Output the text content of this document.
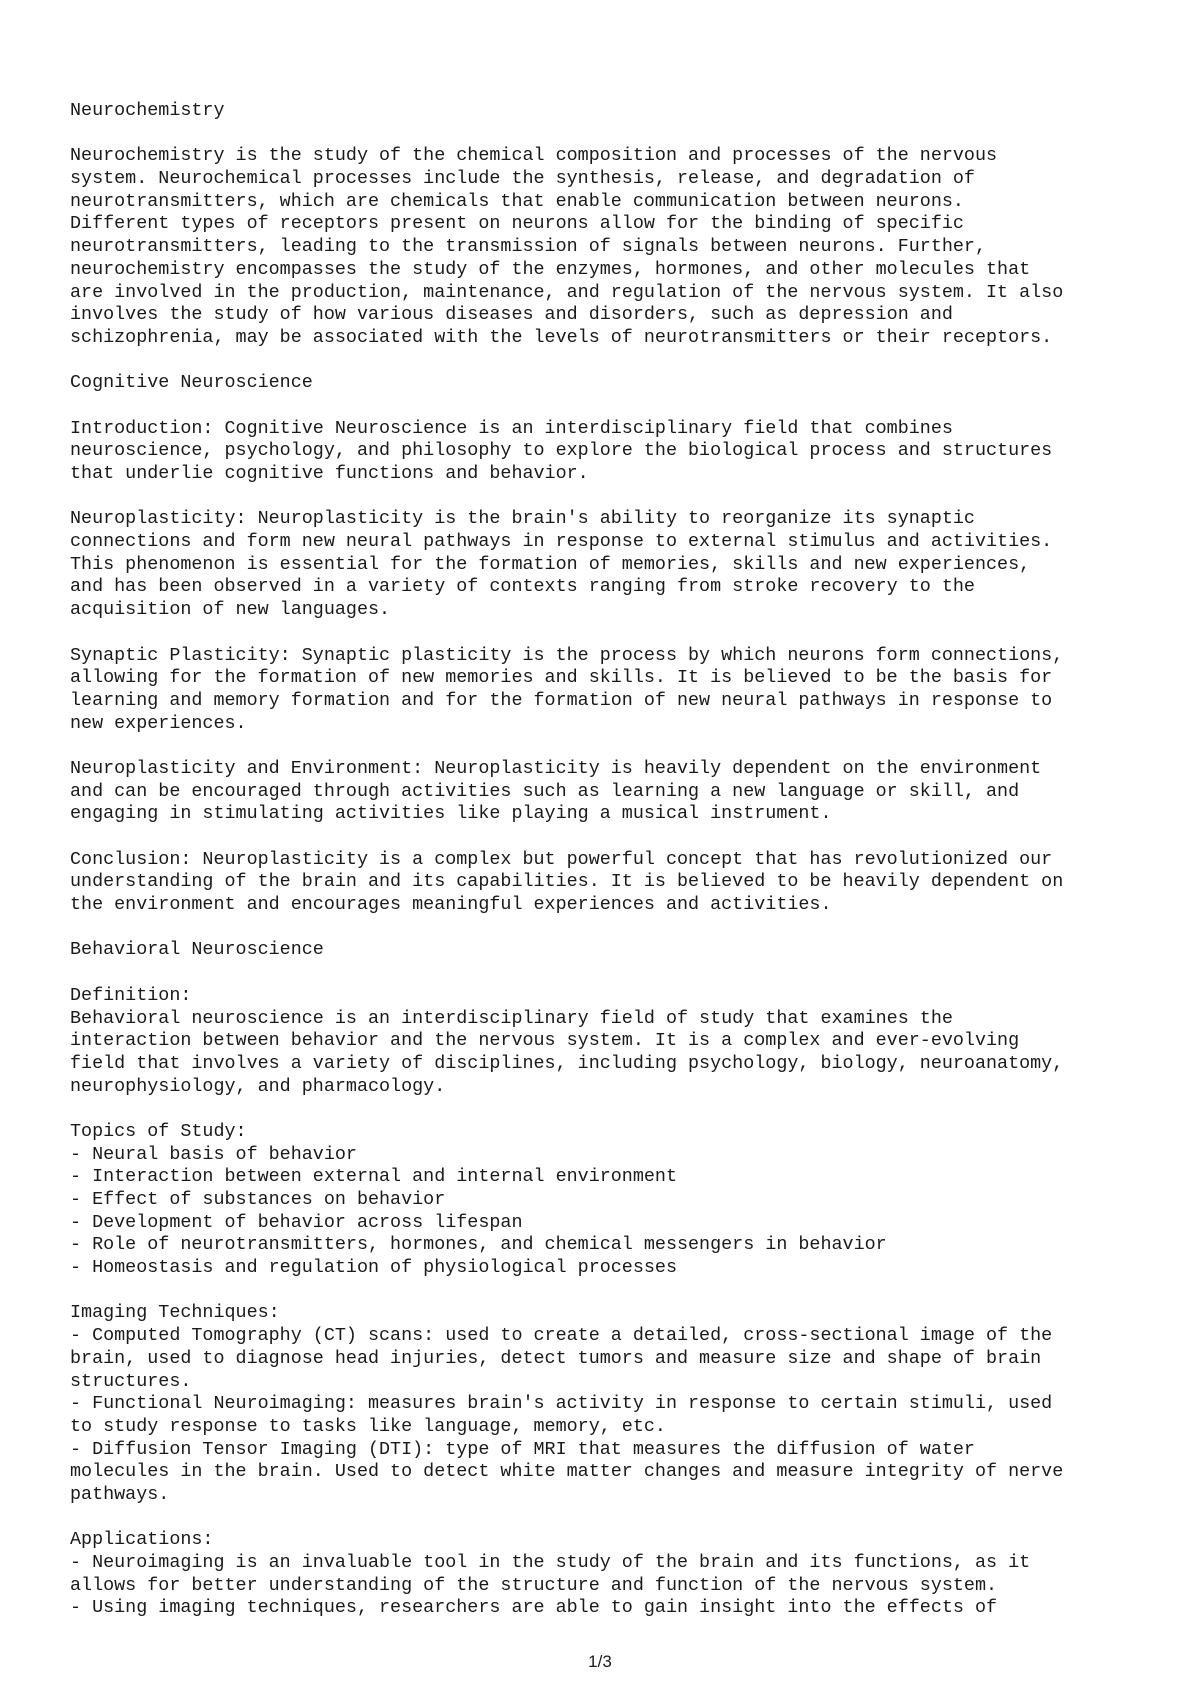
Neurochemistry
Neurochemistry is the study of the chemical composition and processes of the nervous
system. Neurochemical processes include the synthesis, release, and degradation of
neurotransmitters, which are chemicals that enable communication between neurons.
Different types of receptors present on neurons allow for the binding of specific
neurotransmitters, leading to the transmission of signals between neurons. Further,
neurochemistry encompasses the study of the enzymes, hormones, and other molecules that
are involved in the production, maintenance, and regulation of the nervous system. It also
involves the study of how various diseases and disorders, such as depression and
schizophrenia, may be associated with the levels of neurotransmitters or their receptors.
Cognitive Neuroscience
Introduction: Cognitive Neuroscience is an interdisciplinary field that combines
neuroscience, psychology, and philosophy to explore the biological process and structures
that underlie cognitive functions and behavior.
Neuroplasticity: Neuroplasticity is the brain's ability to reorganize its synaptic
connections and form new neural pathways in response to external stimulus and activities.
This phenomenon is essential for the formation of memories, skills and new experiences,
and has been observed in a variety of contexts ranging from stroke recovery to the
acquisition of new languages.
Synaptic Plasticity: Synaptic plasticity is the process by which neurons form connections,
allowing for the formation of new memories and skills. It is believed to be the basis for
learning and memory formation and for the formation of new neural pathways in response to
new experiences.
Neuroplasticity and Environment: Neuroplasticity is heavily dependent on the environment
and can be encouraged through activities such as learning a new language or skill, and
engaging in stimulating activities like playing a musical instrument.
Conclusion: Neuroplasticity is a complex but powerful concept that has revolutionized our
understanding of the brain and its capabilities. It is believed to be heavily dependent on
the environment and encourages meaningful experiences and activities.
Behavioral Neuroscience
Definition:
Behavioral neuroscience is an interdisciplinary field of study that examines the
interaction between behavior and the nervous system. It is a complex and ever-evolving
field that involves a variety of disciplines, including psychology, biology, neuroanatomy,
neurophysiology, and pharmacology.
Topics of Study:
- Neural basis of behavior
- Interaction between external and internal environment
- Effect of substances on behavior
- Development of behavior across lifespan
- Role of neurotransmitters, hormones, and chemical messengers in behavior
- Homeostasis and regulation of physiological processes
Imaging Techniques:
- Computed Tomography (CT) scans: used to create a detailed, cross-sectional image of the
brain, used to diagnose head injuries, detect tumors and measure size and shape of brain
structures.
- Functional Neuroimaging: measures brain's activity in response to certain stimuli, used
to study response to tasks like language, memory, etc.
- Diffusion Tensor Imaging (DTI): type of MRI that measures the diffusion of water
molecules in the brain. Used to detect white matter changes and measure integrity of nerve
pathways.
Applications:
- Neuroimaging is an invaluable tool in the study of the brain and its functions, as it
allows for better understanding of the structure and function of the nervous system.
- Using imaging techniques, researchers are able to gain insight into the effects of
1/3
